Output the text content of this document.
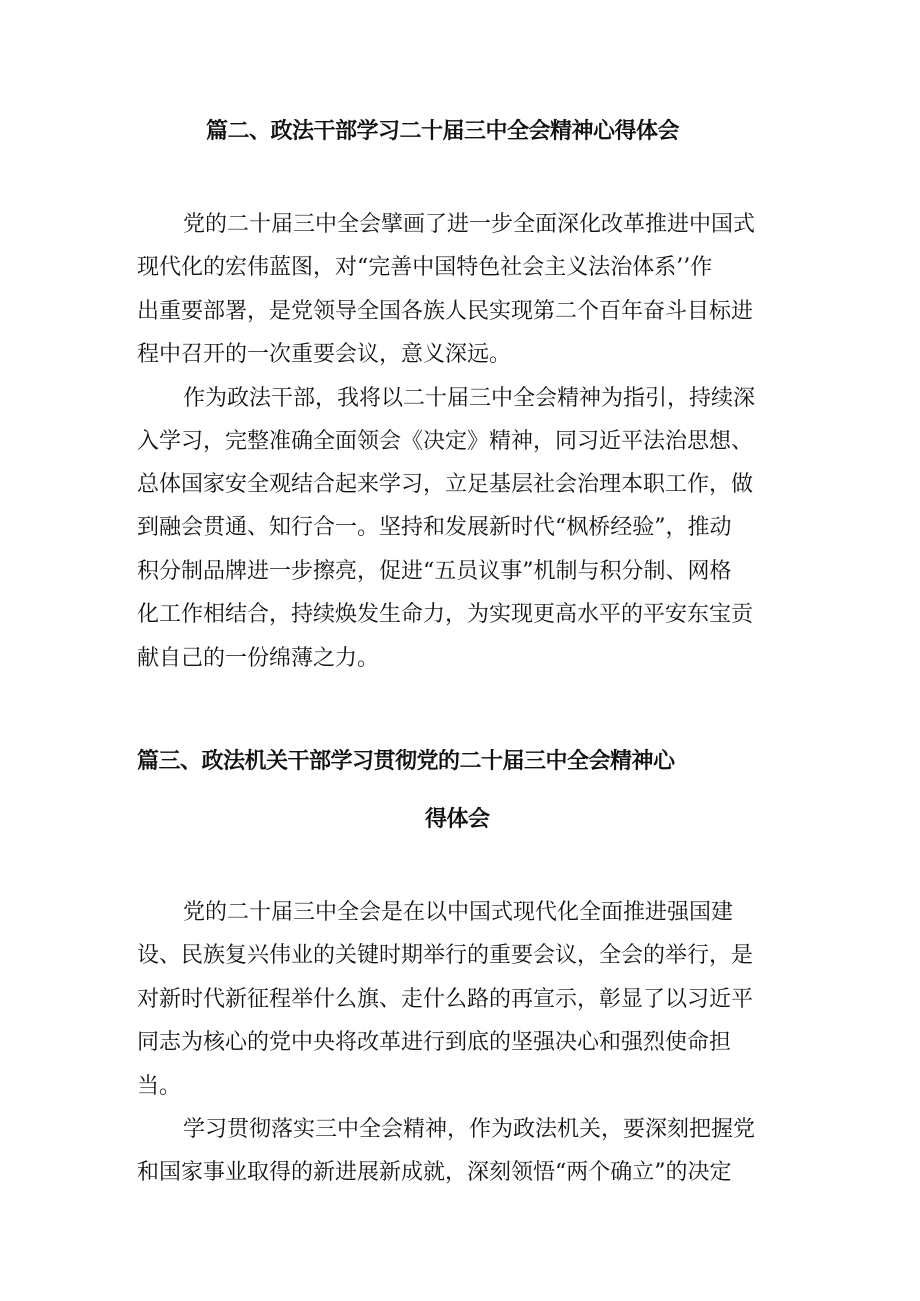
篇二、政法干部学习二十届三中全会精神心得体会

党的二十届三中全会擘画了进一步全面深化改革推进中国式

现代化的宏伟蓝图，对“完善中国特色社会主义法治体系’’作

出重要部署，是党领导全国各族人民实现第二个百年奋斗目标进

程中召开的一次重要会议，意义深远。

作为政法干部，我将以二十届三中全会精神为指引，持续深

入学习，完整准确全面领会《决定》精神，同习近平法治思想、

总体国家安全观结合起来学习，立足基层社会治理本职工作，做

到融会贯通、知行合一。坚持和发展新时代“枫桥经验”，推动

积分制品牌进一步擦亮，促进“五员议事”机制与积分制、网格

化工作相结合，持续焕发生命力，为实现更高水平的平安东宝贡

献自己的一份绵薄之力。

篇三、政法机关干部学习贯彻党的二十届三中全会精神心
得体会

党的二十届三中全会是在以中国式现代化全面推进强国建

设、民族复兴伟业的关键时期举行的重要会议，全会的举行，是

对新时代新征程举什么旗、走什么路的再宣示，彰显了以习近平

同志为核心的党中央将改革进行到底的坚强决心和强烈使命担

当。

学习贯彻落实三中全会精神，作为政法机关，要深刻把握党

和国家事业取得的新进展新成就，深刻领悟“两个确立”的决定
